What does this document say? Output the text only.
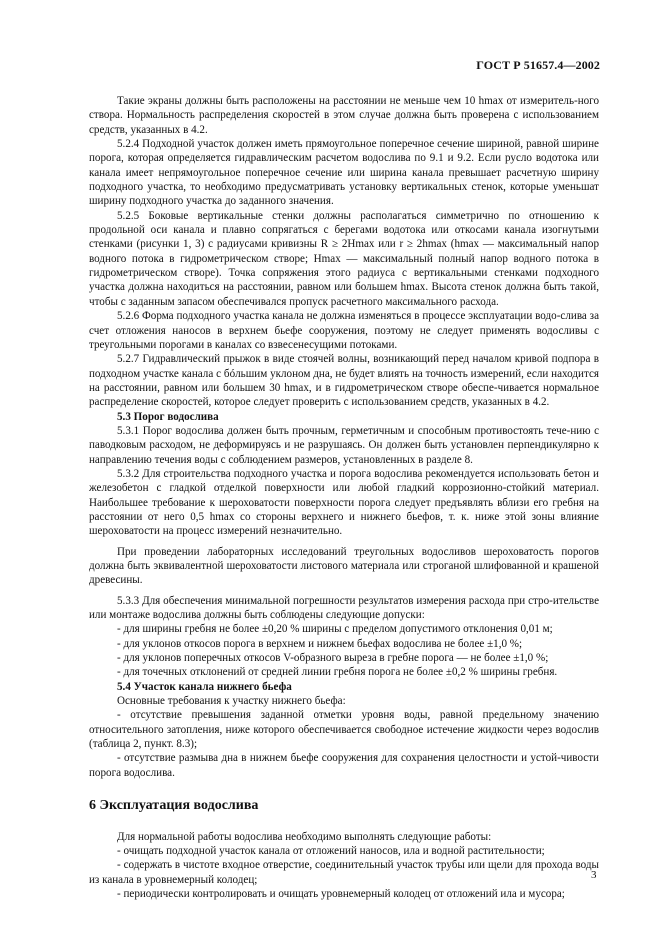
ГОСТ Р 51657.4—2002

Такие экраны должны быть расположены на расстоянии не меньше чем 10 hmax от измеритель-ного створа. Нормальность распределения скоростей в этом случае должна быть проверена с использованием средств, указанных в 4.2.

5.2.4 Подходной участок должен иметь прямоугольное поперечное сечение шириной, равной ширине порога, которая определяется гидравлическим расчетом водослива по 9.1 и 9.2. Если русло водотока или канала имеет непрямоугольное поперечное сечение или ширина канала превышает расчетную ширину подходного участка, то необходимо предусматривать установку вертикальных стенок, которые уменьшат ширину подходного участка до заданного значения.

5.2.5 Боковые вертикальные стенки должны располагаться симметрично по отношению к продольной оси канала и плавно сопрягаться с берегами водотока или откосами канала изогнутыми стенками (рисунки 1, 3) с радиусами кривизны R ≥ 2Hmax или r ≥ 2hmax (hmax — максимальный напор водного потока в гидрометрическом створе; Hmax — максимальный полный напор водного потока в гидрометрическом створе). Точка сопряжения этого радиуса с вертикальными стенками подходного участка должна находиться на расстоянии, равном или большем hmax. Высота стенок должна быть такой, чтобы с заданным запасом обеспечивался пропуск расчетного максимального расхода.

5.2.6 Форма подходного участка канала не должна изменяться в процессе эксплуатации водо-слива за счет отложения наносов в верхнем бьефе сооружения, поэтому не следует применять водосливы с треугольными порогами в каналах со взвесенесущими потоками.

5.2.7 Гидравлический прыжок в виде стоячей волны, возникающий перед началом кривой подпора в подходном участке канала с бóльшим уклоном дна, не будет влиять на точность измерений, если находится на расстоянии, равном или большем 30 hmax, и в гидрометрическом створе обеспе-чивается нормальное распределение скоростей, которое следует проверить с использованием средств, указанных в 4.2.

5.3 Порог водослива

5.3.1 Порог водослива должен быть прочным, герметичным и способным противостоять тече-нию с паводковым расходом, не деформируясь и не разрушаясь. Он должен быть установлен перпендикулярно к направлению течения воды с соблюдением размеров, установленных в разделе 8.

5.3.2 Для строительства подходного участка и порога водослива рекомендуется использовать бетон и железобетон с гладкой отделкой поверхности или любой гладкий коррозионно-стойкий материал. Наибольшее требование к шероховатости поверхности порога следует предъявлять вблизи его гребня на расстоянии от него 0,5 hmax со стороны верхнего и нижнего бьефов, т. к. ниже этой зоны влияние шероховатости на процесс измерений незначительно.

При проведении лабораторных исследований треугольных водосливов шероховатость порогов должна быть эквивалентной шероховатости листового материала или строганой шлифованной и крашеной древесины.

5.3.3 Для обеспечения минимальной погрешности результатов измерения расхода при стро-ительстве или монтаже водослива должны быть соблюдены следующие допуски:

- для ширины гребня не более ±0,20 % ширины с пределом допустимого отклонения 0,01 м;

- для уклонов откосов порога в верхнем и нижнем бьефах водослива не более ±1,0 %;

- для уклонов поперечных откосов V-образного выреза в гребне порога — не более ±1,0 %;

- для точечных отклонений от средней линии гребня порога не более ±0,2 % ширины гребня.

5.4 Участок канала нижнего бьефа

Основные требования к участку нижнего бьефа:

- отсутствие превышения заданной отметки уровня воды, равной предельному значению относительного затопления, ниже которого обеспечивается свободное истечение жидкости через водослив (таблица 2, пункт. 8.3);

- отсутствие размыва дна в нижнем бьефе сооружения для сохранения целостности и устой-чивости порога водослива.

6 Эксплуатация водослива

Для нормальной работы водослива необходимо выполнять следующие работы:

- очищать подходной участок канала от отложений наносов, ила и водной растительности;

- содержать в чистоте входное отверстие, соединительный участок трубы или щели для прохода воды из канала в уровнемерный колодец;

- периодически контролировать и очищать уровнемерный колодец от отложений ила и мусора;

3
